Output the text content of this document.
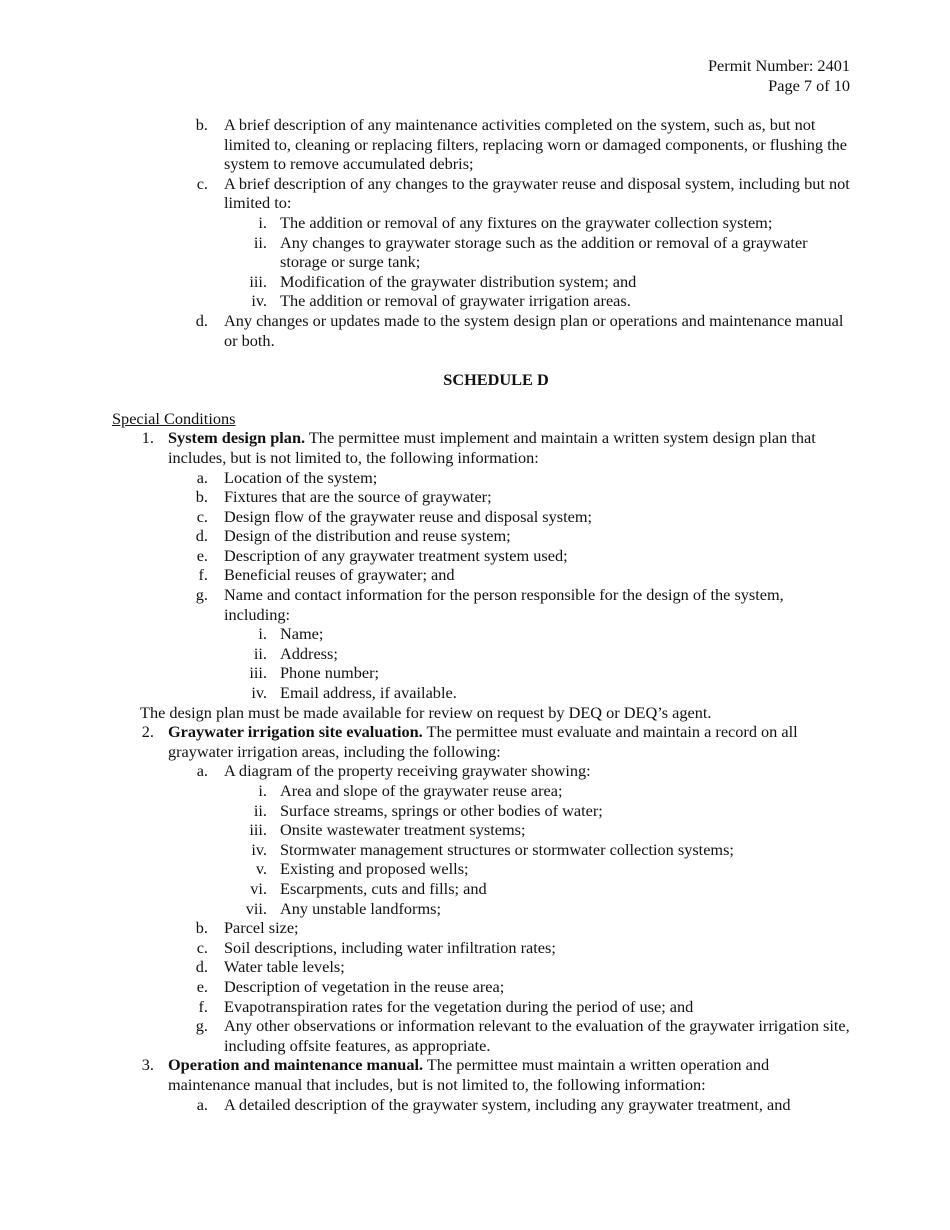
Permit Number: 2401
Page 7 of 10
b. A brief description of any maintenance activities completed on the system, such as, but not limited to, cleaning or replacing filters, replacing worn or damaged components, or flushing the system to remove accumulated debris;
c. A brief description of any changes to the graywater reuse and disposal system, including but not limited to:
i. The addition or removal of any fixtures on the graywater collection system;
ii. Any changes to graywater storage such as the addition or removal of a graywater storage or surge tank;
iii. Modification of the graywater distribution system; and
iv. The addition or removal of graywater irrigation areas.
d. Any changes or updates made to the system design plan or operations and maintenance manual or both.
SCHEDULE D
Special Conditions
1. System design plan. The permittee must implement and maintain a written system design plan that includes, but is not limited to, the following information:
a. Location of the system;
b. Fixtures that are the source of graywater;
c. Design flow of the graywater reuse and disposal system;
d. Design of the distribution and reuse system;
e. Description of any graywater treatment system used;
f. Beneficial reuses of graywater; and
g. Name and contact information for the person responsible for the design of the system, including:
i. Name;
ii. Address;
iii. Phone number;
iv. Email address, if available.
The design plan must be made available for review on request by DEQ or DEQ’s agent.
2. Graywater irrigation site evaluation. The permittee must evaluate and maintain a record on all graywater irrigation areas, including the following:
a. A diagram of the property receiving graywater showing:
i. Area and slope of the graywater reuse area;
ii. Surface streams, springs or other bodies of water;
iii. Onsite wastewater treatment systems;
iv. Stormwater management structures or stormwater collection systems;
v. Existing and proposed wells;
vi. Escarpments, cuts and fills; and
vii. Any unstable landforms;
b. Parcel size;
c. Soil descriptions, including water infiltration rates;
d. Water table levels;
e. Description of vegetation in the reuse area;
f. Evapotranspiration rates for the vegetation during the period of use; and
g. Any other observations or information relevant to the evaluation of the graywater irrigation site, including offsite features, as appropriate.
3. Operation and maintenance manual. The permittee must maintain a written operation and maintenance manual that includes, but is not limited to, the following information:
a. A detailed description of the graywater system, including any graywater treatment, and
